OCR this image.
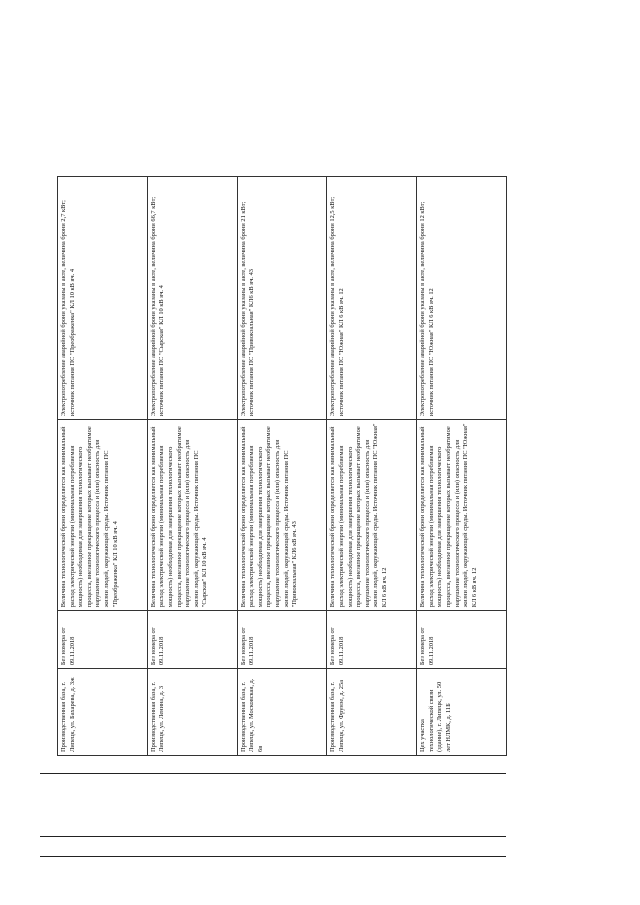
Производственная база, г. Липецк, ул. Бахарева, д. 3ж	Без номера от 09.11.2018	Величина технологической брони определяется как минимальный расход электрической энергии (минимальная потребляемая мощность) необходимая для завершения технологического процесса, внезапное прекращение которых вызывает необратимое нарушение технологического процесса и (или) опасность для жизни людей, окружающей среды. Источник питания ПС "Преображенка" КЛ 10 кВ яч. 4	Электропотребление аварийной брони указаны в акте, величина брони 2,7 кВт; источник питания ПС "Преображенка" КЛ 10 кВ яч. 4
Производственная база, г. Липецк, ул. Ленина, д. 3	Без номера от 09.11.2018	Величина технологической брони определяется как минимальный расход электрической энергии (минимальная потребляемая мощность) необходимая для завершения технологического процесса, внезапное прекращение которых вызывает необратимое нарушение технологического процесса и (или) опасность для жизни людей, окружающей среды. Источник питания ПС "Сырская" КЛ 10 кВ яч. 4	Электропотребление аварийной брони указаны в акте, величина брони 66,7 кВт; источник питания ПС "Сырская" КЛ 10 кВ яч. 4
Производственная база, г. Липецк, ул. Московская, д. 6в	Без номера от 09.11.2018	Величина технологической брони определяется как минимальный расход электрической энергии (минимальная потребляемая мощность) необходимая для завершения технологического процесса, внезапное прекращение которых вызывает необратимое нарушение технологического процесса и (или) опасность для жизни людей, окружающей среды. Источник питания ПС "Привокзальная" КЛ6 кВ яч. 43	Электропотребление аварийной брони указаны в акте, величина брони 21 кВт; источник питания ПС "Привокзальная" КЛ6 кВ яч. 43
Производственная база, г. Липецк, ул. Фрунзе, д. 25а	Без номера от 09.11.2018	Величина технологической брони определяется как минимальный расход электрической энергии (минимальная потребляемая мощность) необходимая для завершения технологического процесса, внезапное прекращение которых вызывает необратимое нарушение технологического процесса и (или) опасность для жизни людей, окружающей среды. Источник питания ПС "Южная" КЛ 6 кВ яч. 12	Электропотребление аварийной брони указаны в акте, величина брони 12,5 кВт; источник питания ПС "Южная" КЛ 6 кВ яч. 12
Цех участка технологической связи (здание), г. Липецк, ул. 50 лет НЛМК, д. 11Б	Без номера от 09.11.2018	Величина технологической брони определяется как минимальный расход электрической энергии (минимальная потребляемая мощность) необходимая для завершения технологического процесса, внезапное прекращение которых вызывает необратимое нарушение технологического процесса и (или) опасность для жизни людей, окружающей среды. Источник питания ПС "Южная" КЛ 6 кВ яч. 12	Электропотребление аварийной брони указаны в акте, величина брони 12 кВт; источник питания ПС "Южная" КЛ 6 кВ яч. 12
